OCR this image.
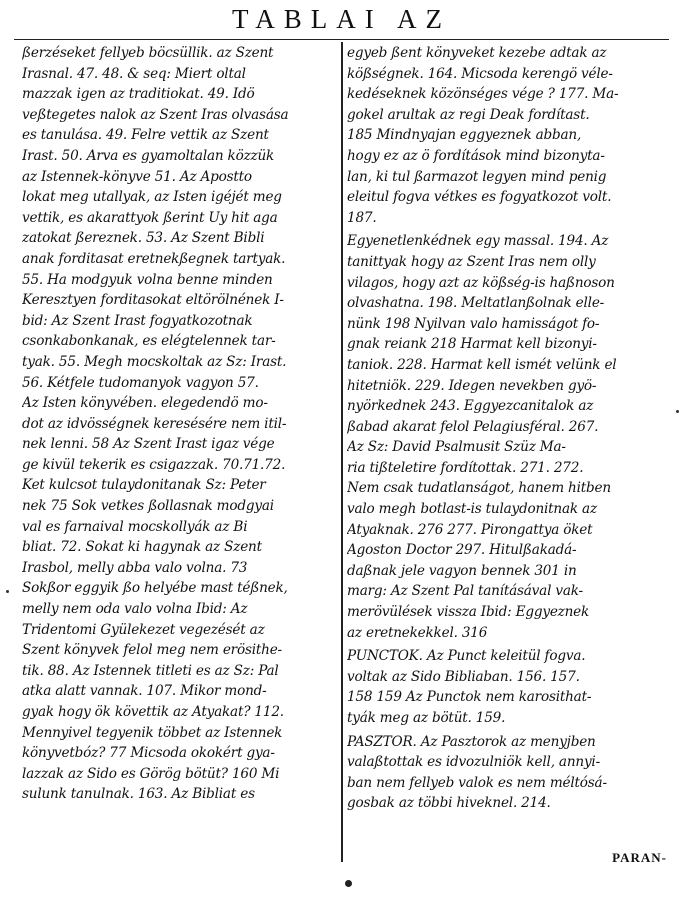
TABLAI AZ
ßerzéseket fellyeb böcsüllik. az Szent
Irasnal. 47. 48. & seq: Miert oltal
mazzak igen az traditiokat. 49. Idö
veßtegetes nalok az Szent Iras olvasása
es tanulása. 49. Felre vettik az Szent
Irast. 50. Arva es gyamoltalan közzük
az Istennek-könyve 51. Az Apostto
lokat meg utallyak, az Isten igéjét meg
vettik, es akarattyok ßerint Uy hit aga
zatokat ßereznek. 53. Az Szent Bibli
anak forditasat eretnekßegnek tartyak.
55. Ha modgyuk volna benne minden
Keresztyen forditasokat eltörölnének I-
bid: Az Szent Irast fogyatkozotnak
csonkabonkanak, es elégtelennek tar-
tyak. 55. Megh mocskoltak az Sz: Irast.
56. Kétfele tudomanyok vagyon 57.
Az Isten könyvében. elegedendö mo-
dot az idvösségnek keresésére nem itil-
nek lenni. 58 Az Szent Irast igaz vége
ge kivül tekerik es csigazzak. 70.71.72.
Ket kulcsot tulaydonitanak Sz: Peter
nek 75 Sok vetkes ßollasnak modgyai
val es farnaival mocskollyák az Bi
bliat. 72. Sokat ki hagynak az Szent
Irasbol, melly abba valo volna. 73
Sokßor eggyik ßo helyébe mast téßnek,
melly nem oda valo volna Ibid: Az
Tridentomi Gyülekezet vegezését az
Szent könyvek felol meg nem erösithe-
tik. 88. Az Istennek titleti es az Sz: Pal
atka alatt vannak. 107. Mikor mond-
gyak hogy ök követtik az Atyakat? 112.
Mennyivel tegyenik többet az Istennek
könyvetbóz? 77 Micsoda okokért gya-
lazzak az Sido es Görög bötüt? 160 Mi
sulunk tanulnak. 163. Az Bibliat es
egyeb ßent könyveket kezebe adtak az
kößségnek. 164. Micsoda kerengö véle-
kedéseknek közönséges vége ? 177. Ma-
gokel arultak az regi Deak fordítast.
185 Mindnyajan eggyeznek abban,
hogy ez az ö fordítások mind bizonyta-
lan, ki tul ßarmazot legyen mind penig
eleitul fogva vétkes es fogyatkozot volt.
187.
Egyenetlenkédnek egy massal. 194. Az
tanittyak hogy az Szent Iras nem olly
vilagos, hogy azt az kößség-is haßnoson
olvashatna. 198. Meltatlanßolnak elle-
nünk 198 Nyilvan valo hamisságot fo-
gnak reiank 218 Harmat kell bizonyi-
taniok. 228. Harmat kell ismét velünk el
hitetniök. 229. Idegen nevekben gyö-
nyörkednek 243. Eggyezcanitalok az
ßabad akarat felol Pelagiusféral. 267.
Az Sz: David Psalmusit Szüz Ma-
ria tißteletire fordítottak. 271. 272.
Nem csak tudatlanságot, hanem hitben
valo megh botlast-is tulaydonitnak az
Atyaknak. 276 277. Pirongattya öket
Agoston Doctor 297. Hitulßakadá-
daßnak jele vagyon bennek 301 in
marg: Az Szent Pal tanításával vak-
merövülések vissza Ibid: Eggyeznek
az eretnekekkel. 316
PUNCTOK. Az Punct keleitül fogva.
voltak az Sido Bibliaban. 156. 157.
158 159 Az Punctok nem karosithat-
tyák meg az bötüt. 159.
PASZTOR. Az Pasztorok az menyjben
valaßtottak es idvozulniök kell, annyi-
ban nem fellyeb valok es nem méltósá-
gosbak az többi hiveknel. 214.
PARAN-
